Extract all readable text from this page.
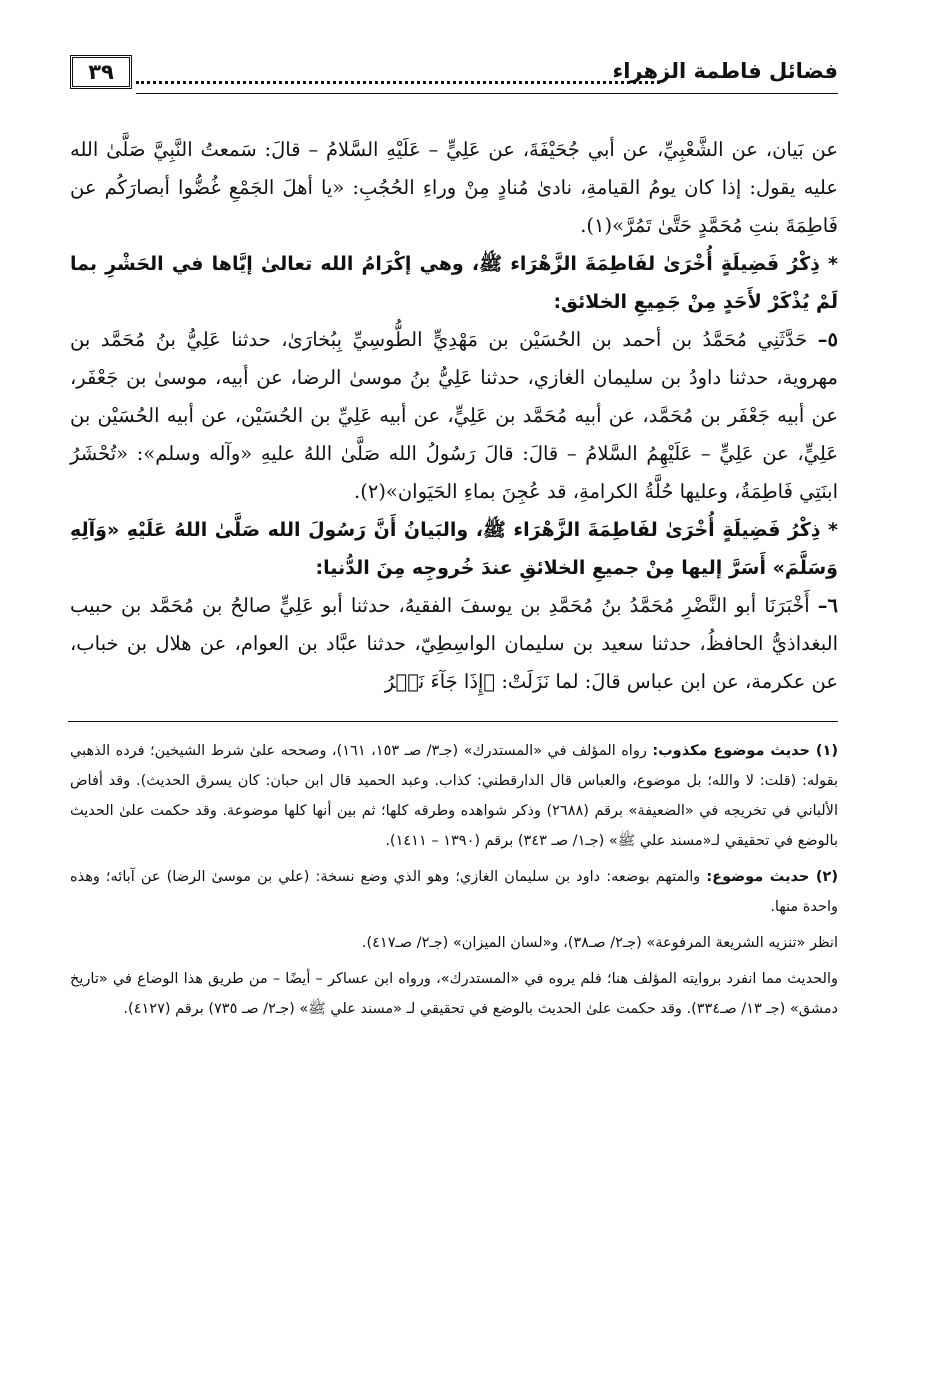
فضائل فاطمة الزهراء
٣٩

عن بَيان، عن الشَّعْبِيِّ، عن أبي جُحَيْفَةَ، عن عَلِيٍّ – عَلَيْهِ السَّلامُ – قالَ: سَمعتُ النَّبِيَّ صَلَّىٰ الله عليه يقول: إذا كان يومُ القيامةِ، نادىٰ مُنادٍ مِنْ وراءِ الحُجُبِ: «يا أهلَ الجَمْعِ غُضُّوا أبصارَكُم عن فَاطِمَةَ بنتِ مُحَمَّدٍ حَتَّىٰ تَمُرَّ»(١).

* ذِكْرُ فَضِيلَةٍ أُخْرَىٰ لفَاطِمَةَ الزَّهْرَاء ﷺ، وهي إكْرَامُ الله تعالىٰ إيَّاها في الحَشْرِ بما لَمْ يُذْكَرْ لأَحَدٍ مِنْ جَمِيعِ الخلائق:

٥– حَدَّثَنِي مُحَمَّدُ بن أحمد بن الحُسَيْن بن مَهْدِيٍّ الطُّوسِيِّ بِبُخارَىٰ، حدثنا عَلِيُّ بنُ مُحَمَّد بن مهروية، حدثنا داودُ بن سليمان الغازي، حدثنا عَلِيُّ بنُ موسىٰ الرضا، عن أبيه، موسىٰ بن جَعْفَر، عن أبيه جَعْفَر بن مُحَمَّد، عن أبيه مُحَمَّد بن عَلِيٍّ، عن أبيه عَلِيِّ بن الحُسَيْن، عن أبيه الحُسَيْن بن عَلِيٍّ، عن عَلِيٍّ – عَلَيْهِمُ السَّلامُ – قالَ: قالَ رَسُولُ الله صَلَّىٰ اللهُ عليهِ «وآله وسلم»: «تُحْشَرُ ابنَتِي فَاطِمَةُ، وعليها حُلَّةُ الكرامةِ، قد عُجِنَ بماءِ الحَيَوان»(٢).

* ذِكْرُ فَضِيلَةٍ أُخْرَىٰ لفَاطِمَةَ الزَّهْرَاء ﷺ، والبَيانُ أَنَّ رَسُولَ الله صَلَّىٰ اللهُ عَلَيْهِ «وَآلِهِ وَسَلَّمَ» أَسَرَّ إليها مِنْ جميعِ الخلائقِ عندَ خُروجِه مِنَ الدُّنيا:

٦– أَخْبَرَنَا أبو النَّضْرِ مُحَمَّدُ بنُ مُحَمَّدِ بن يوسفَ الفقيهُ، حدثنا أبو عَلِيٍّ صالحُ بن مُحَمَّد بن حبيب البغداذيُّ الحافظُ، حدثنا سعيد بن سليمان الواسِطِيّ، حدثنا عبَّاد بن العوام، عن هلال بن خباب، عن عكرمة، عن ابن عباس قالَ: لما نَزَلَتْ: ﴿إِذَا جَآءَ نَصۡرُ

(١) حديث موضوع مكذوب: رواه المؤلف في «المستدرك» (جـ٣/ صـ ١٥٣، ١٦١)، وصححه علىٰ شرط الشيخين؛ فرده الذهبي بقوله: (قلت: لا والله؛ بل موضوع، والعباس قال الدارقطني: كذاب. وعبد الحميد قال ابن حبان: كان يسرق الحديث). وقد أفاض الألباني في تخريجه في «الضعيفة» برقم (٢٦٨٨) وذكر شواهده وطرقه كلها؛ ثم بين أنها كلها موضوعة. وقد حكمت علىٰ الحديث بالوضع في تحقيقي لـ«مسند علي ﷺ» (جـ١/ صـ ٣٤٣) برقم (١٣٩٠ – ١٤١١).

(٢) حديث موضوع: والمتهم بوضعه: داود بن سليمان الغازي؛ وهو الذي وضع نسخة: (علي بن موسىٰ الرضا) عن آبائه؛ وهذه واحدة منها.

انظر «تنزيه الشريعة المرفوعة» (جـ٢/ صـ٣٨)، و«لسان الميزان» (جـ٢/ صـ٤١٧).

والحديث مما انفرد بروايته المؤلف هنا؛ فلم يروه في «المستدرك»، ورواه ابن عساكر – أيضًا – من طريق هذا الوضاع في «تاريخ دمشق» (جـ ١٣/ صـ٣٣٤). وقد حكمت علىٰ الحديث بالوضع في تحقيقي لـ «مسند علي ﷺ» (جـ٢/ صـ ٧٣٥) برقم (٤١٢٧).
